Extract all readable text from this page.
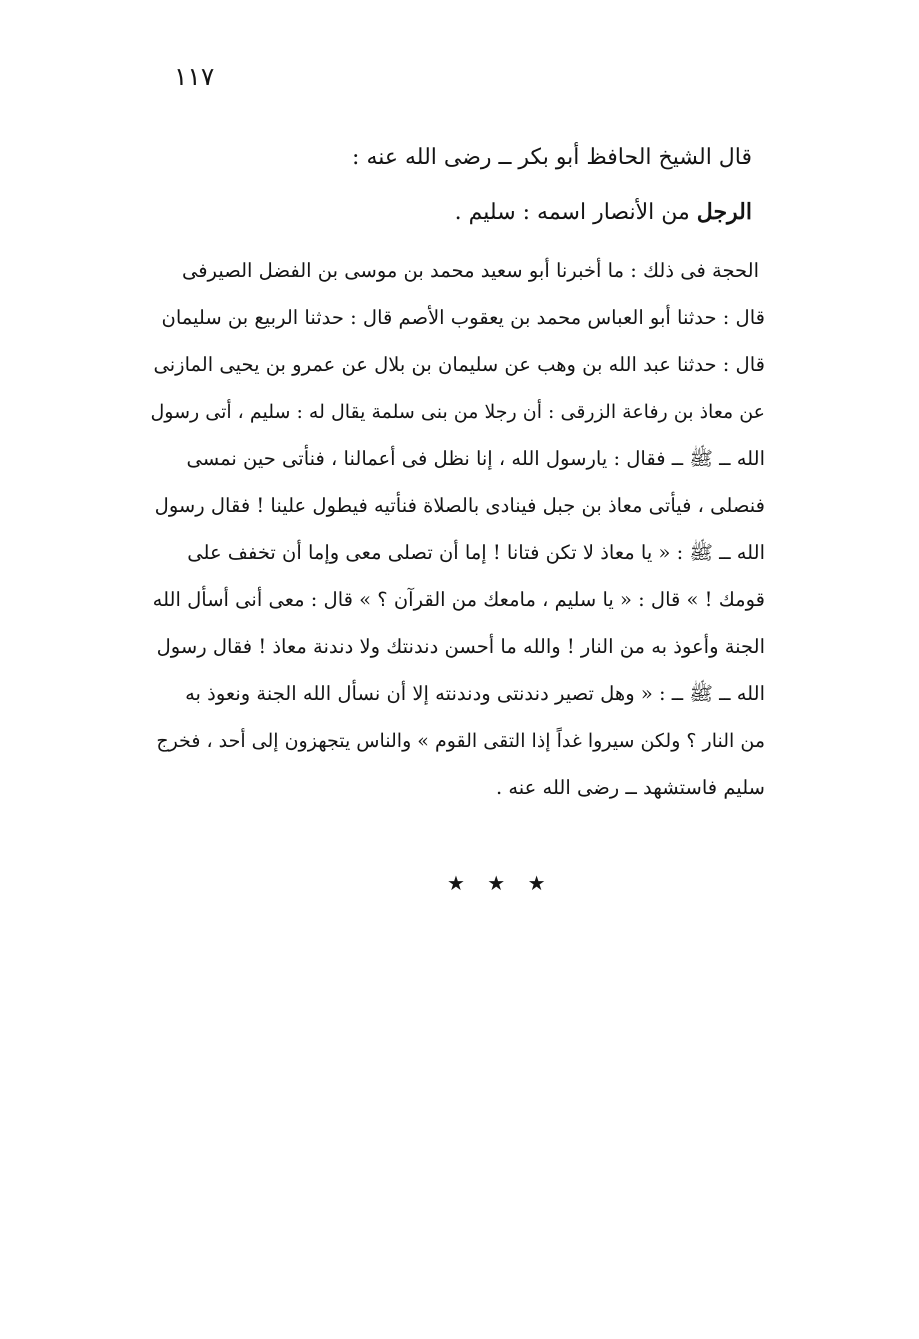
١١٧
قال الشيخ الحافظ أبو بكر ــ رضى الله عنه :
الرجل من الأنصار اسمه : سليم .
الحجة فى ذلك : ما أخبرنا أبو سعيد محمد بن موسى بن الفضل الصيرفى
قال : حدثنا أبو العباس محمد بن يعقوب الأصم قال : حدثنا الربيع بن سليمان
قال : حدثنا عبد الله بن وهب عن سليمان بن بلال عن عمرو بن يحيى المازنى
عن معاذ بن رفاعة الزرقى : أن رجلا من بنى سلمة يقال له : سليم ، أتى رسول
الله ــ ﷺ ــ فقال : يارسول الله ، إنا نظل فى أعمالنا ، فنأتى حين نمسى
فنصلى ، فيأتى معاذ بن جبل فينادى بالصلاة فنأتيه فيطول علينا ! فقال رسول
الله ــ ﷺ : « يا معاذ لا تكن فتانا ! إما أن تصلى معى وإما أن تخفف على
قومك ! » قال : « يا سليم ، مامعك من القرآن ؟ » قال : معى أنى أسأل الله
الجنة وأعوذ به من النار ! والله ما أحسن دندنتك ولا دندنة معاذ ! فقال رسول
الله ــ ﷺ ــ : « وهل تصير دندنتى ودندنته إلا أن نسأل الله الجنة ونعوذ به
من النار ؟ ولكن سيروا غداً إذا التقى القوم » والناس يتجهزون إلى أحد ، فخرج
سليم فاستشهد ــ رضى الله عنه .
★ ★ ★
